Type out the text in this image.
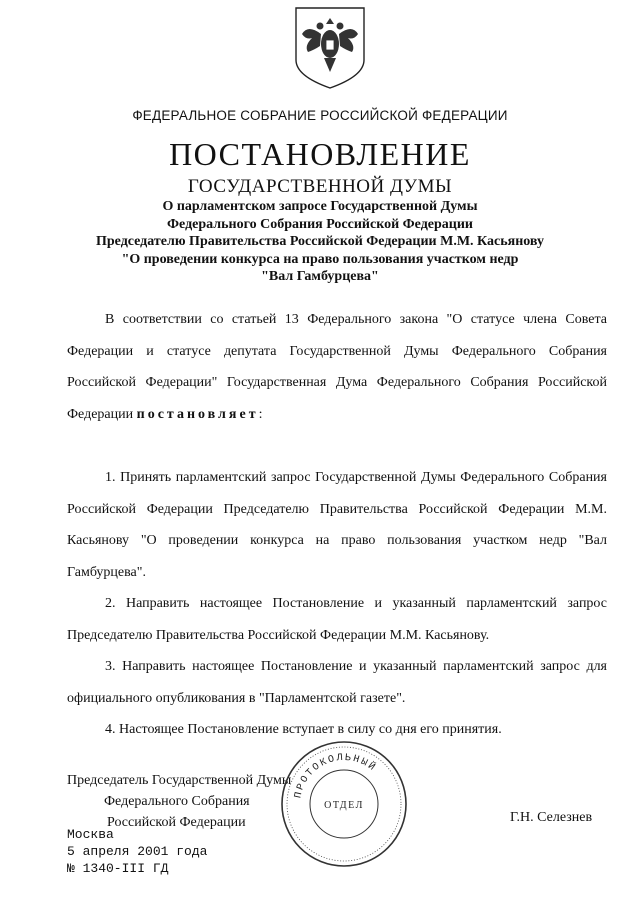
ФЕДЕРАЛЬНОЕ СОБРАНИЕ РОССИЙСКОЙ ФЕДЕРАЦИИ
ПОСТАНОВЛЕНИЕ
ГОСУДАРСТВЕННОЙ ДУМЫ
О парламентском запросе Государственной Думы
Федерального Собрания Российской Федерации
Председателю Правительства Российской Федерации М.М. Касьянову
"О проведении конкурса на право пользования участком недр
"Вал Гамбурцева"
В соответствии со статьей 13 Федерального закона "О статусе члена Совета Федерации и статусе депутата Государственной Думы Федерального Собрания Российской Федерации" Государственная Дума Федерального Собрания Российской Федерации постановляет:
1. Принять парламентский запрос Государственной Думы Федерального Собрания Российской Федерации Председателю Правительства Российской Федерации М.М. Касьянову "О проведении конкурса на право пользования участком недр "Вал Гамбурцева".
2. Направить настоящее Постановление и указанный парламентский запрос Председателю Правительства Российской Федерации М.М. Касьянову.
3. Направить настоящее Постановление и указанный парламентский запрос для официального опубликования в "Парламентской газете".
4. Настоящее Постановление вступает в силу со дня его принятия.
Председатель Государственной Думы
Федерального Собрания
Российской Федерации	Г.Н. Селезнев
Москва
5 апреля 2001 года
№ 1340-III ГД
ПРОТОКОЛЬНЫЙ
ОТДЕЛ
